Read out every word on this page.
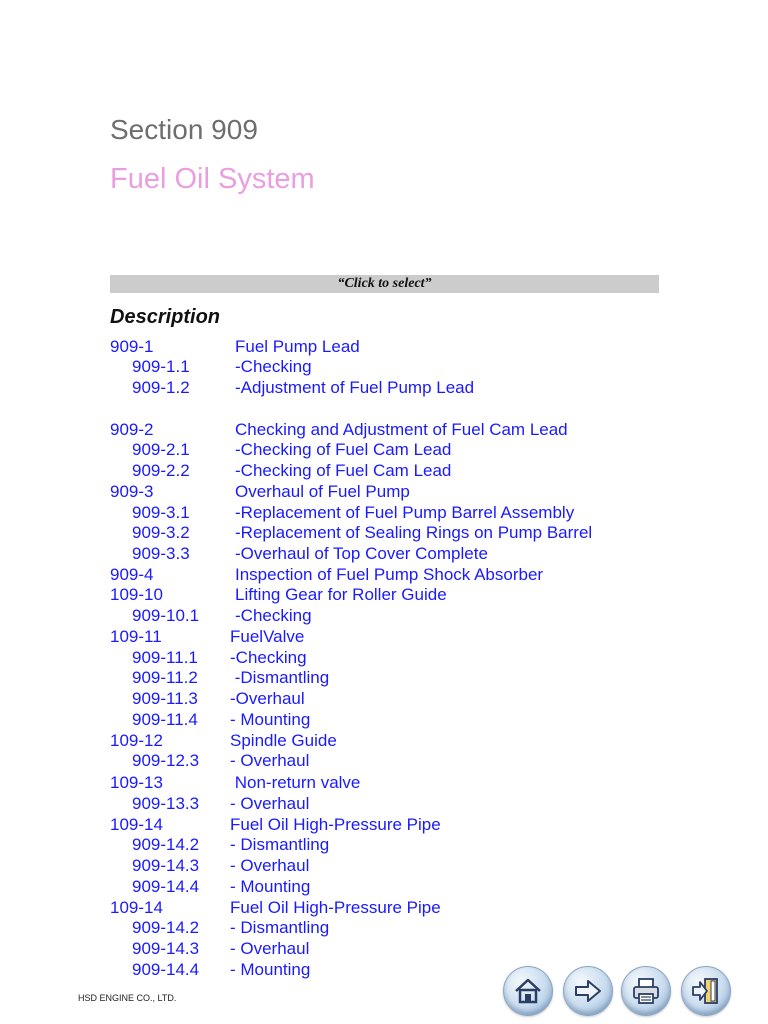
Section 909
Fuel Oil System
“Click to select”
Description
909-1	Fuel Pump Lead
909-1.1	-Checking
909-1.2	-Adjustment of Fuel Pump Lead
909-2	Checking and Adjustment of Fuel Cam Lead
909-2.1	-Checking of Fuel Cam Lead
909-2.2	-Checking of Fuel Cam Lead
909-3	Overhaul of Fuel Pump
909-3.1	-Replacement of Fuel Pump Barrel Assembly
909-3.2	-Replacement of Sealing Rings on Pump Barrel
909-3.3	-Overhaul of Top Cover Complete
909-4	Inspection of Fuel Pump Shock Absorber
109-10	Lifting Gear for Roller Guide
909-10.1 -Checking
109-11	FuelValve
909-11.1 -Checking
909-11.2 -Dismantling
909-11.3 -Overhaul
909-11.4 - Mounting
109-12	Spindle Guide
909-12.3 - Overhaul
109-13	Non-return valve
909-13.3 - Overhaul
109-14	Fuel Oil High-Pressure Pipe
909-14.2 - Dismantling
909-14.3 - Overhaul
909-14.4 - Mounting
109-14	Fuel Oil High-Pressure Pipe
909-14.2 - Dismantling
909-14.3 - Overhaul
909-14.4 - Mounting
HSD ENGINE CO., LTD.
